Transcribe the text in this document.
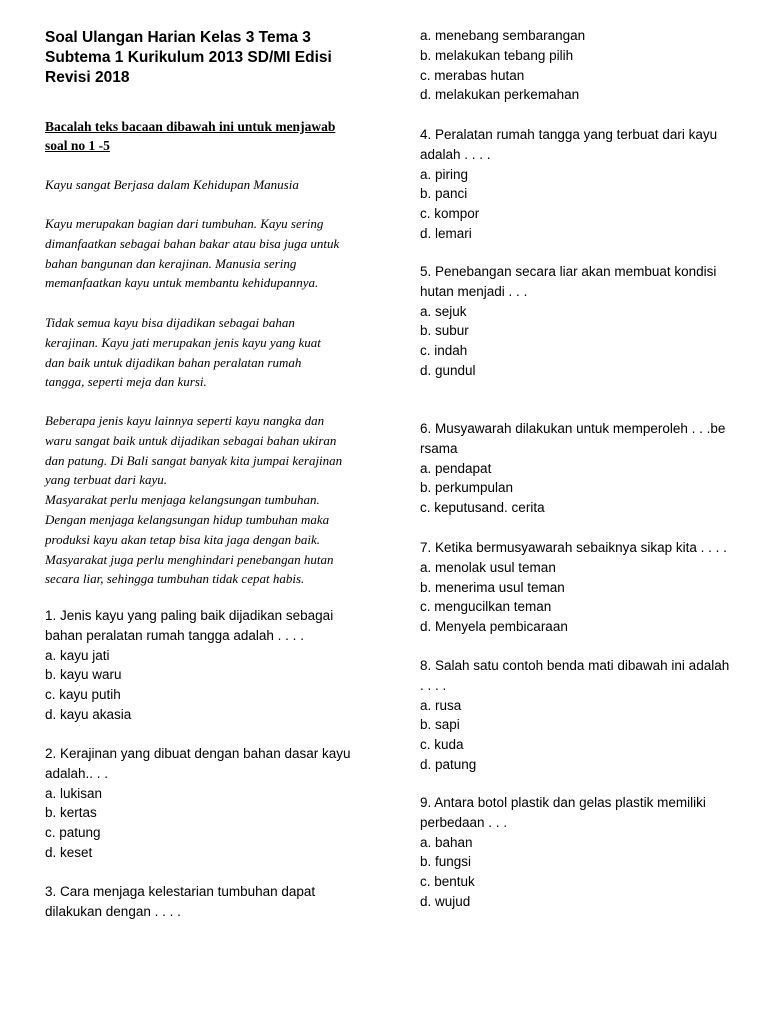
Soal Ulangan Harian Kelas 3 Tema 3
Subtema 1 Kurikulum 2013 SD/MI Edisi
Revisi 2018
Bacalah teks bacaan dibawah ini untuk menjawab
soal no 1 -5
Kayu sangat Berjasa dalam Kehidupan Manusia
Kayu merupakan bagian dari tumbuhan. Kayu sering
dimanfaatkan sebagai bahan bakar atau bisa juga untuk
bahan bangunan dan kerajinan. Manusia sering
memanfaatkan kayu untuk membantu kehidupannya.
Tidak semua kayu bisa dijadikan sebagai bahan
kerajinan. Kayu jati merupakan jenis kayu yang kuat
dan baik untuk dijadikan bahan peralatan rumah
tangga, seperti meja dan kursi.
Beberapa jenis kayu lainnya seperti kayu nangka dan
waru sangat baik untuk dijadikan sebagai bahan ukiran
dan patung. Di Bali sangat banyak kita jumpai kerajinan
yang terbuat dari kayu.
Masyarakat perlu menjaga kelangsungan tumbuhan.
Dengan menjaga kelangsungan hidup tumbuhan maka
produksi kayu akan tetap bisa kita jaga dengan baik.
Masyarakat juga perlu menghindari penebangan hutan
secara liar, sehingga tumbuhan tidak cepat habis.
1. Jenis kayu yang paling baik dijadikan sebagai
bahan peralatan rumah tangga adalah . . . .
a. kayu jati
b. kayu waru
c. kayu putih
d. kayu akasia
2. Kerajinan yang dibuat dengan bahan dasar kayu
adalah.. . .
a. lukisan
b. kertas
c. patung
d. keset
3. Cara menjaga kelestarian tumbuhan dapat
dilakukan dengan . . . .
a. menebang sembarangan
b. melakukan tebang pilih
c. merabas hutan
d. melakukan perkemahan
4. Peralatan rumah tangga yang terbuat dari kayu
adalah . . . .
a. piring
b. panci
c. kompor
d. lemari
5. Penebangan secara liar akan membuat kondisi
hutan menjadi . . .
a. sejuk
b. subur
c. indah
d. gundul
6. Musyawarah dilakukan untuk memperoleh . . .be
rsama
a. pendapat
b. perkumpulan
c. keputusand. cerita
7. Ketika bermusyawarah sebaiknya sikap kita . . . .
a. menolak usul teman
b. menerima usul teman
c. mengucilkan teman
d. Menyela pembicaraan
8. Salah satu contoh benda mati dibawah ini adalah
. . . .
a. rusa
b. sapi
c. kuda
d. patung
9. Antara botol plastik dan gelas plastik memiliki
perbedaan . . .
a. bahan
b. fungsi
c. bentuk
d. wujud
